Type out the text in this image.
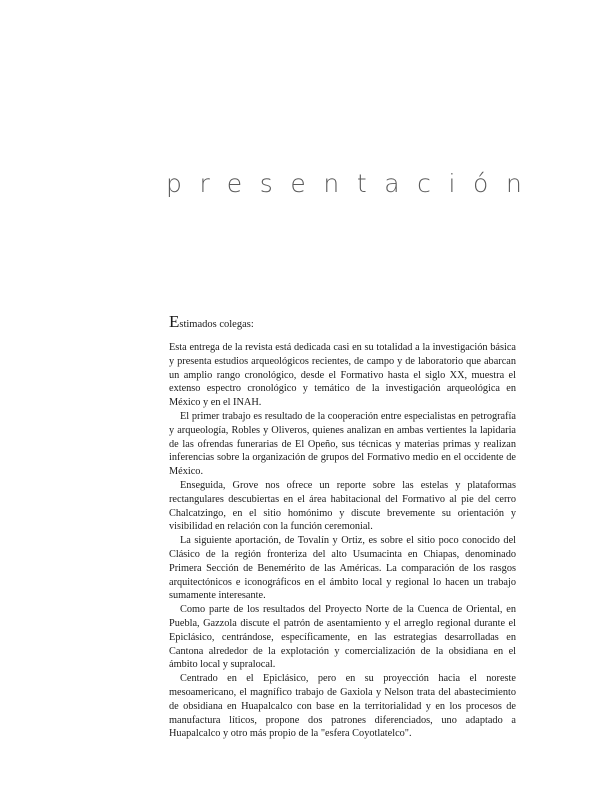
presentación
Estimados colegas:

Esta entrega de la revista está dedicada casi en su totalidad a la investigación básica y presenta estudios arqueológicos recientes, de campo y de laboratorio que abarcan un amplio rango cronológico, desde el Formativo hasta el siglo XX, muestra el extenso espectro cronológico y temático de la investigación arqueológica en México y en el INAH.

El primer trabajo es resultado de la cooperación entre especialistas en petrografía y arqueología, Robles y Oliveros, quienes analizan en ambas vertientes la lapidaria de las ofrendas funerarias de El Opeño, sus técnicas y materias primas y realizan inferencias sobre la organización de grupos del Formativo medio en el occidente de México.

Enseguida, Grove nos ofrece un reporte sobre las estelas y plataformas rectangulares descubiertas en el área habitacional del Formativo al pie del cerro Chalcatzingo, en el sitio homónimo y discute brevemente su orientación y visibilidad en relación con la función ceremonial.

La siguiente aportación, de Tovalín y Ortiz, es sobre el sitio poco conocido del Clásico de la región fronteriza del alto Usumacinta en Chiapas, denominado Primera Sección de Benemérito de las Américas. La comparación de los rasgos arquitectónicos e iconográficos en el ámbito local y regional lo hacen un trabajo sumamente interesante.

Como parte de los resultados del Proyecto Norte de la Cuenca de Oriental, en Puebla, Gazzola discute el patrón de asentamiento y el arreglo regional durante el Epiclásico, centrándose, específicamente, en las estrategias desarrolladas en Cantona alrededor de la explotación y comercialización de la obsidiana en el ámbito local y supralocal.

Centrado en el Epiclásico, pero en su proyección hacia el noreste mesoamericano, el magnífico trabajo de Gaxiola y Nelson trata del abastecimiento de obsidiana en Huapalcalco con base en la territorialidad y en los procesos de manufactura líticos, propone dos patrones diferenciados, uno adaptado a Huapalcalco y otro más propio de la "esfera Coyotlatelco".
